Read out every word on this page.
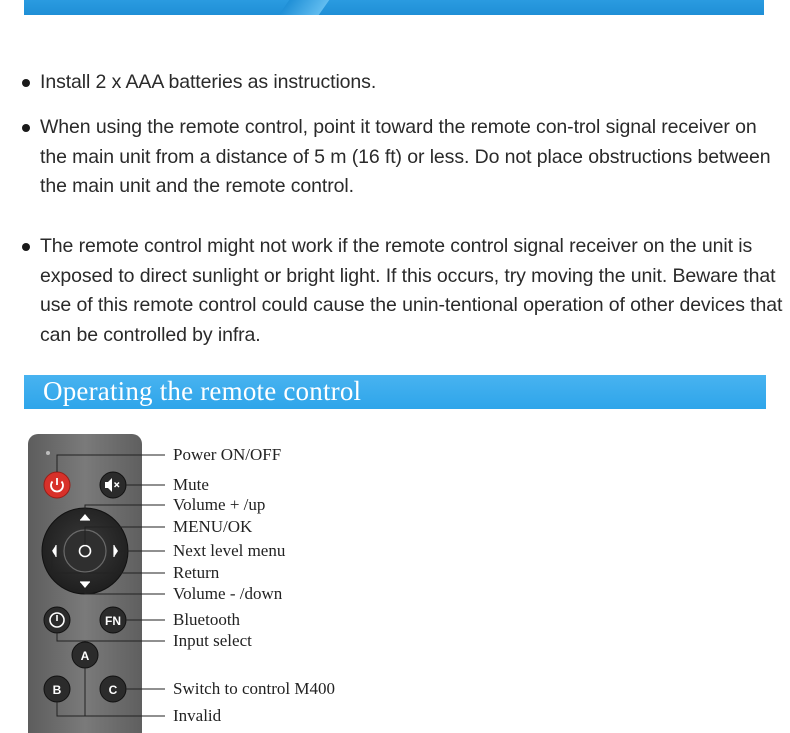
Install 2 x AAA batteries as instructions.
When using the remote control, point it toward the remote con-trol signal receiver on the main unit from a distance of 5 m (16 ft) or less. Do not place obstructions between the main unit and the remote control.
The remote control might not work if the remote control signal receiver on the unit is exposed to direct sunlight or bright light. If this occurs, try moving the unit. Beware that use of this remote control could cause the unin-tentional operation of other devices that can be controlled by infra.
Operating the remote control
FN
A
B	C
Power ON/OFF
Mute
Volume + /up
MENU/OK
Next level menu
Return
Volume - /down
Bluetooth
Input select
Switch to control M400
Invalid
